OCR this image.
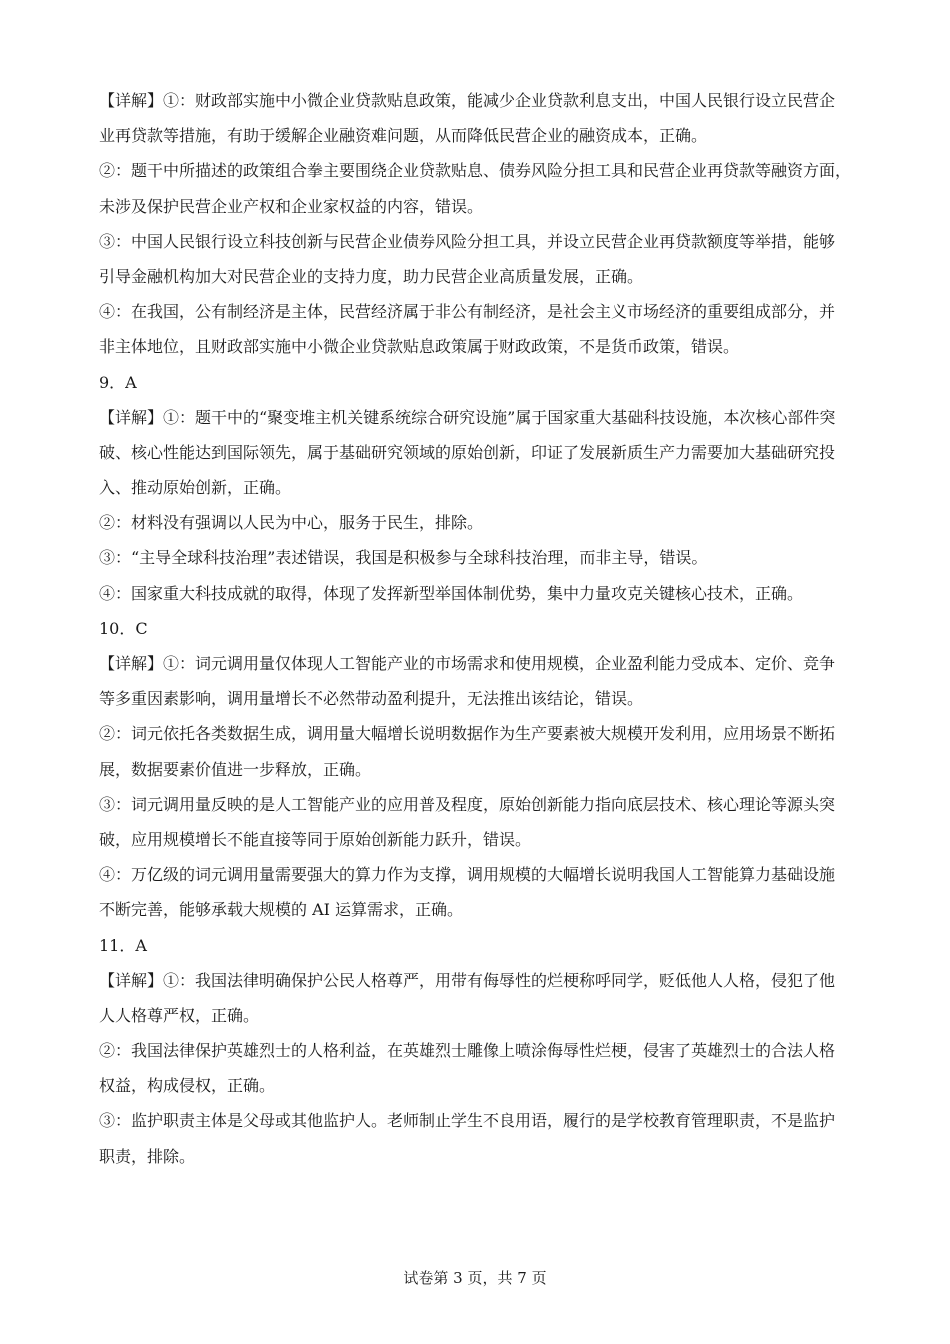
【详解】①：财政部实施中小微企业贷款贴息政策，能减少企业贷款利息支出，中国人民银行设立民营企
业再贷款等措施，有助于缓解企业融资难问题，从而降低民营企业的融资成本，正确。
②：题干中所描述的政策组合拳主要围绕企业贷款贴息、债券风险分担工具和民营企业再贷款等融资方面，
未涉及保护民营企业产权和企业家权益的内容，错误。
③：中国人民银行设立科技创新与民营企业债券风险分担工具，并设立民营企业再贷款额度等举措，能够
引导金融机构加大对民营企业的支持力度，助力民营企业高质量发展，正确。
④：在我国，公有制经济是主体，民营经济属于非公有制经济，是社会主义市场经济的重要组成部分，并
非主体地位，且财政部实施中小微企业贷款贴息政策属于财政政策，不是货币政策，错误。
9．A
【详解】①：题干中的“聚变堆主机关键系统综合研究设施”属于国家重大基础科技设施，本次核心部件突
破、核心性能达到国际领先，属于基础研究领域的原始创新，印证了发展新质生产力需要加大基础研究投
入、推动原始创新，正确。
②：材料没有强调以人民为中心，服务于民生，排除。
③：“主导全球科技治理”表述错误，我国是积极参与全球科技治理，而非主导，错误。
④：国家重大科技成就的取得，体现了发挥新型举国体制优势，集中力量攻克关键核心技术，正确。
10．C
【详解】①：词元调用量仅体现人工智能产业的市场需求和使用规模，企业盈利能力受成本、定价、竞争
等多重因素影响，调用量增长不必然带动盈利提升，无法推出该结论，错误。
②：词元依托各类数据生成，调用量大幅增长说明数据作为生产要素被大规模开发利用，应用场景不断拓
展，数据要素价值进一步释放，正确。
③：词元调用量反映的是人工智能产业的应用普及程度，原始创新能力指向底层技术、核心理论等源头突
破，应用规模增长不能直接等同于原始创新能力跃升，错误。
④：万亿级的词元调用量需要强大的算力作为支撑，调用规模的大幅增长说明我国人工智能算力基础设施
不断完善，能够承载大规模的 AI 运算需求，正确。
11．A
【详解】①：我国法律明确保护公民人格尊严，用带有侮辱性的烂梗称呼同学，贬低他人人格，侵犯了他
人人格尊严权，正确。
②：我国法律保护英雄烈士的人格利益，在英雄烈士雕像上喷涂侮辱性烂梗，侵害了英雄烈士的合法人格
权益，构成侵权，正确。
③：监护职责主体是父母或其他监护人。老师制止学生不良用语，履行的是学校教育管理职责，不是监护
职责，排除。
试卷第 3 页，共 7 页
